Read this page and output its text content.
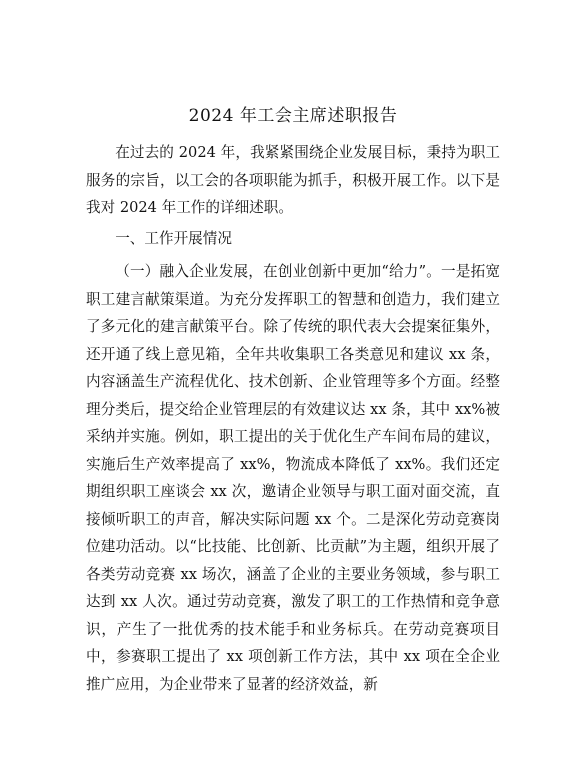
2024 年工会主席述职报告

在过去的 2024 年，我紧紧围绕企业发展目标，秉持为职工服务的宗旨，以工会的各项职能为抓手，积极开展工作。以下是我对 2024 年工作的详细述职。

一、工作开展情况

（一）融入企业发展，在创业创新中更加“给力”。一是拓宽职工建言献策渠道。为充分发挥职工的智慧和创造力，我们建立了多元化的建言献策平台。除了传统的职代表大会提案征集外，还开通了线上意见箱，全年共收集职工各类意见和建议 xx 条，内容涵盖生产流程优化、技术创新、企业管理等多个方面。经整理分类后，提交给企业管理层的有效建议达 xx 条，其中 xx%被采纳并实施。例如，职工提出的关于优化生产车间布局的建议，实施后生产效率提高了 xx%，物流成本降低了 xx%。我们还定期组织职工座谈会 xx 次，邀请企业领导与职工面对面交流，直接倾听职工的声音，解决实际问题 xx 个。二是深化劳动竞赛岗位建功活动。以“比技能、比创新、比贡献”为主题，组织开展了各类劳动竞赛 xx 场次，涵盖了企业的主要业务领域，参与职工达到 xx 人次。通过劳动竞赛，激发了职工的工作热情和竞争意识，产生了一批优秀的技术能手和业务标兵。在劳动竞赛项目中，参赛职工提出了 xx 项创新工作方法，其中 xx 项在全企业推广应用，为企业带来了显著的经济效益，新
